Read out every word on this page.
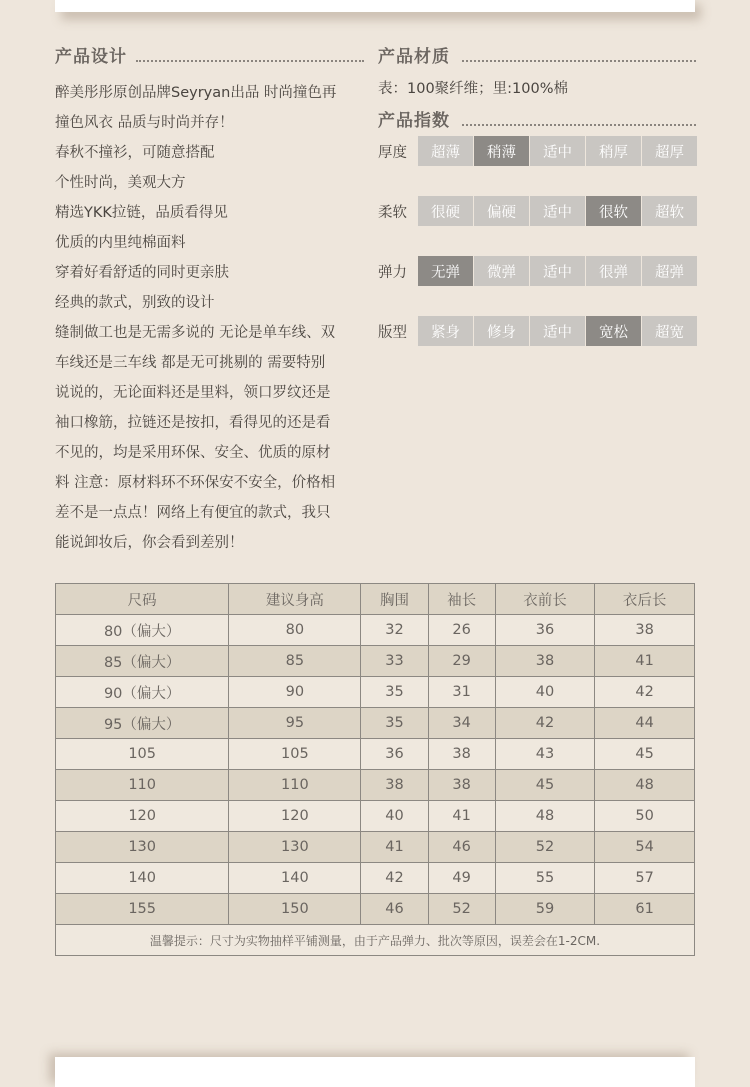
产品设计
醉美彤彤原创品牌Seyryan出品 时尚撞色再
撞色风衣 品质与时尚并存！
春秋不撞衫，可随意搭配
个性时尚，美观大方
精选YKK拉链，品质看得见
优质的内里纯棉面料
穿着好看舒适的同时更亲肤
经典的款式，别致的设计
缝制做工也是无需多说的 无论是单车线、双
车线还是三车线 都是无可挑剔的 需要特别
说说的，无论面料还是里料，领口罗纹还是
袖口橡筋，拉链还是按扣，看得见的还是看
不见的，均是采用环保、安全、优质的原材
料 注意：原材料环不环保安不安全，价格相
差不是一点点！网络上有便宜的款式，我只
能说卸妆后，你会看到差别！
产品材质
表：100聚纤维；里:100%棉
产品指数
厚度	超薄	稍薄	适中	稍厚	超厚
柔软	很硬	偏硬	适中	很软	超软
弹力	无弹	微弹	适中	很弹	超弹
版型	紧身	修身	适中	宽松	超宽
尺码	建议身高	胸围	袖长	衣前长	衣后长
80（偏大）	80	32	26	36	38
85（偏大）	85	33	29	38	41
90（偏大）	90	35	31	40	42
95（偏大）	95	35	34	42	44
105	105	36	38	43	45
110	110	38	38	45	48
120	120	40	41	48	50
130	130	41	46	52	54
140	140	42	49	55	57
155	150	46	52	59	61
温馨提示：尺寸为实物抽样平铺测量，由于产品弹力、批次等原因，误差会在1-2CM.					
